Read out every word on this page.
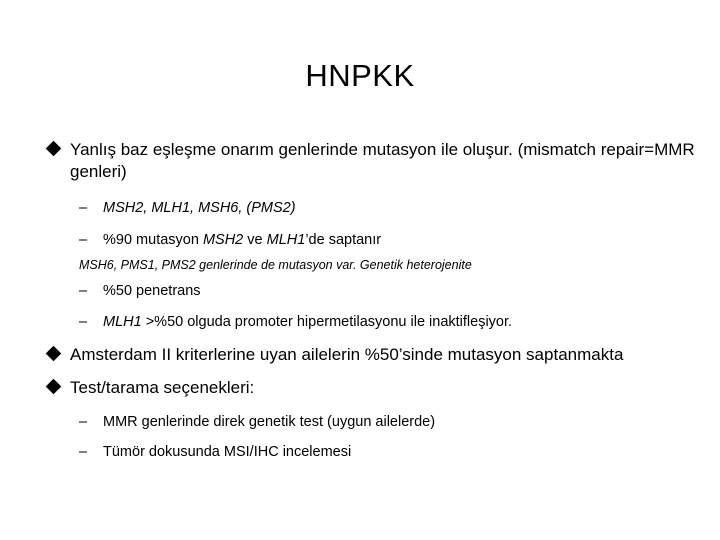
HNPKK
Yanlış baz eşleşme onarım genlerinde mutasyon ile oluşur. (mismatch repair=MMR genleri)
– MSH2, MLH1, MSH6, (PMS2)
– %90 mutasyon MSH2 ve MLH1’de saptanır
MSH6, PMS1, PMS2 genlerinde de mutasyon var. Genetik heterojenite
– %50 penetrans
– MLH1 >%50 olguda promoter hipermetilasyonu ile inaktifleşiyor.
Amsterdam II kriterlerine uyan ailelerin %50’sinde mutasyon saptanmakta
Test/tarama seçenekleri:
– MMR genlerinde direk genetik test (uygun ailelerde)
– Tümör dokusunda MSI/IHC incelemesi
